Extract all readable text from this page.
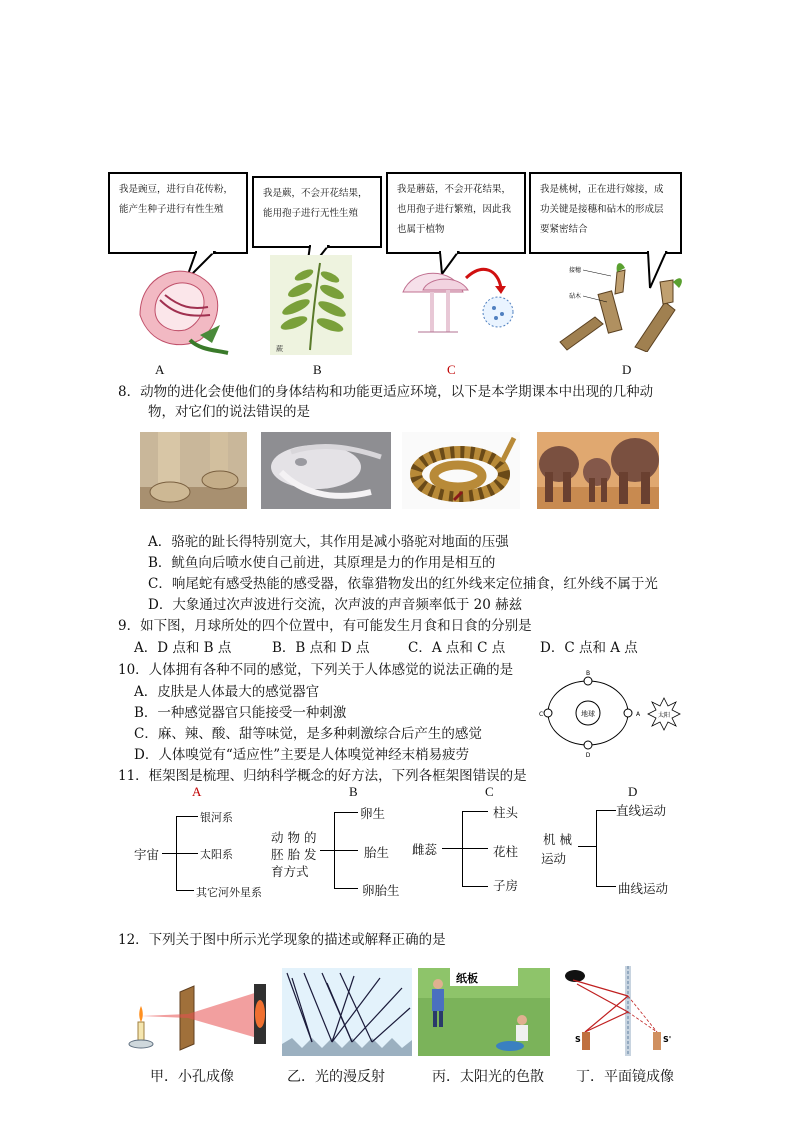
我是豌豆，进行自花传粉，能产生种子进行有性生殖
我是蕨，不会开花结果，能用孢子进行无性生殖
我是蘑菇，不会开花结果，也用孢子进行繁殖，因此我也属于植物
我是桃树，正在进行嫁接，成功关键是接穗和砧木的形成层要紧密结合
蕨
接穗
砧木
A	B	C	D
8．动物的进化会使他们的身体结构和功能更适应环境，以下是本学期课本中出现的几种动
物，对它们的说法错误的是
A．骆驼的趾长得特别宽大，其作用是减小骆驼对地面的压强
B．鱿鱼向后喷水使自己前进，其原理是力的作用是相互的
C．响尾蛇有感受热能的感受器，依靠猎物发出的红外线来定位捕食，红外线不属于光
D．大象通过次声波进行交流，次声波的声音频率低于 20 赫兹
9．如下图，月球所处的四个位置中，有可能发生月食和日食的分别是
A．D 点和 B 点	B．B 点和 D 点	C．A 点和 C 点	D．C 点和 A 点
10．人体拥有各种不同的感觉，下列关于人体感觉的说法正确的是
A．皮肤是人体最大的感觉器官
B．一种感觉器官只能接受一种刺激
C．麻、辣、酸、甜等味觉，是多种刺激综合后产生的感觉
D．人体嗅觉有“适应性”主要是人体嗅觉神经末梢易疲劳
地球
B
A
D
C	太阳
11．框架图是梳理、归纳科学概念的好方法，下列各框架图错误的是
A	B	C	D
宇宙
银河系
太阳系
其它河外星系
动 物 的
胚 胎 发
育方式
卵生
胎生
卵胎生
雌蕊
柱头
花柱
子房
机 械
运动
直线运动
曲线运动
12．下列关于图中所示光学现象的描述或解释正确的是
纸板
S	S'
甲．小孔成像	乙．光的漫反射	丙．太阳光的色散 丁．平面镜成像
